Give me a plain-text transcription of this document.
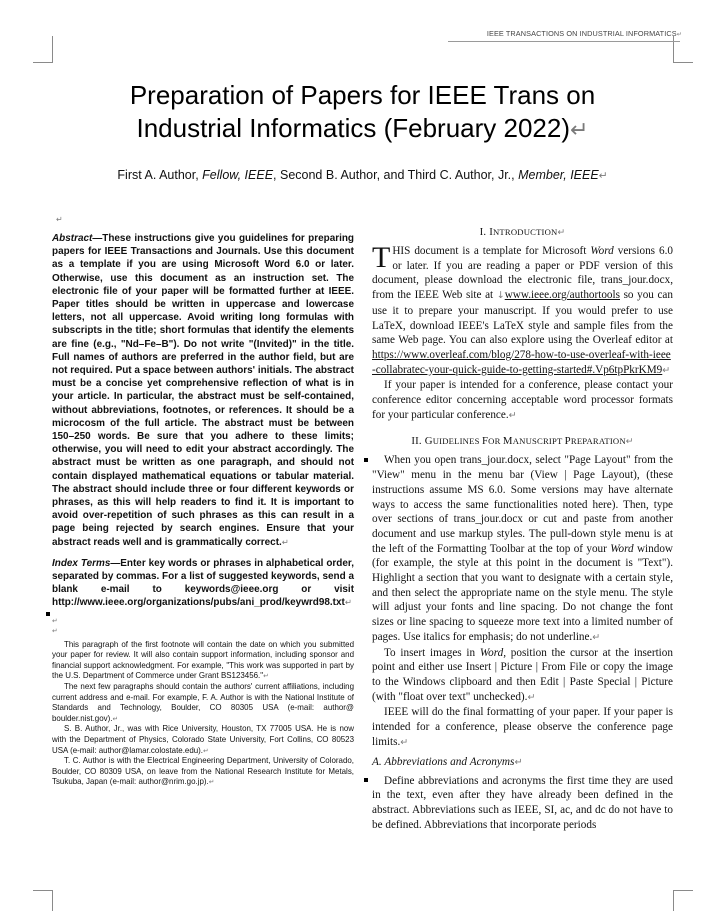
IEEE TRANSACTIONS ON INDUSTRIAL INFORMATICS↵
Preparation of Papers for IEEE Trans on
Industrial Informatics (February 2022)↵
First A. Author, Fellow, IEEE, Second B. Author, and Third C. Author, Jr., Member, IEEE↵
↵

Abstract—These instructions give you guidelines for preparing papers for IEEE Transactions and Journals. Use this document as a template if you are using Microsoft Word 6.0 or later. Otherwise, use this document as an instruction set. The electronic file of your paper will be formatted further at IEEE. Paper titles should be written in uppercase and lowercase letters, not all uppercase. Avoid writing long formulas with subscripts in the title; short formulas that identify the elements are fine (e.g., "Nd–Fe–B"). Do not write "(Invited)" in the title. Full names of authors are preferred in the author field, but are not required. Put a space between authors' initials. The abstract must be a concise yet comprehensive reflection of what is in your article. In particular, the abstract must be self-contained, without abbreviations, footnotes, or references. It should be a microcosm of the full article. The abstract must be between 150–250 words. Be sure that you adhere to these limits; otherwise, you will need to edit your abstract accordingly. The abstract must be written as one paragraph, and should not contain displayed mathematical equations or tabular material. The abstract should include three or four different keywords or phrases, as this will help readers to find it. It is important to avoid over-repetition of such phrases as this can result in a page being rejected by search engines. Ensure that your abstract reads well and is grammatically correct.↵

Index Terms—Enter key words or phrases in alphabetical order, separated by commas. For a list of suggested keywords, send a blank e-mail to keywords@ieee.org or visit http://www.ieee.org/organizations/pubs/ani_prod/keywrd98.txt↵

↵
↵

This paragraph of the first footnote will contain the date on which you submitted your paper for review. It will also contain support information, including sponsor and financial support acknowledgment. For example, "This work was supported in part by the U.S. Department of Commerce under Grant BS123456."↵

The next few paragraphs should contain the authors' current affiliations, including current address and e-mail. For example, F. A. Author is with the National Institute of Standards and Technology, Boulder, CO 80305 USA (e-mail: author@ boulder.nist.gov).↵

S. B. Author, Jr., was with Rice University, Houston, TX 77005 USA. He is now with the Department of Physics, Colorado State University, Fort Collins, CO 80523 USA (e-mail: author@lamar.colostate.edu).↵

T. C. Author is with the Electrical Engineering Department, University of Colorado, Boulder, CO 80309 USA, on leave from the National Research Institute for Metals, Tsukuba, Japan (e-mail: author@nrim.go.jp).↵

I. INTRODUCTION↵

THIS document is a template for Microsoft Word versions 6.0 or later. If you are reading a paper or PDF version of this document, please download the electronic file, trans_jour.docx, from the IEEE Web site at ↓www.ieee.org/authortools so you can use it to prepare your manuscript. If you would prefer to use LaTeX, download IEEE's LaTeX style and sample files from the same Web page. You can also explore using the Overleaf editor at https://www.overleaf.com/blog/278-how-to-use-overleaf-with-ieee-collabratec-your-quick-guide-to-getting-started#.Vp6tpPkrKM9↵

If your paper is intended for a conference, please contact your conference editor concerning acceptable word processor formats for your particular conference.↵

II. GUIDELINES FOR MANUSCRIPT PREPARATION↵

When you open trans_jour.docx, select "Page Layout" from the "View" menu in the menu bar (View | Page Layout), (these instructions assume MS 6.0. Some versions may have alternate ways to access the same functionalities noted here). Then, type over sections of trans_jour.docx or cut and paste from another document and use markup styles. The pull-down style menu is at the left of the Formatting Toolbar at the top of your Word window (for example, the style at this point in the document is "Text"). Highlight a section that you want to designate with a certain style, and then select the appropriate name on the style menu. The style will adjust your fonts and line spacing. Do not change the font sizes or line spacing to squeeze more text into a limited number of pages. Use italics for emphasis; do not underline.↵

To insert images in Word, position the cursor at the insertion point and either use Insert | Picture | From File or copy the image to the Windows clipboard and then Edit | Paste Special | Picture (with "float over text" unchecked).↵

IEEE will do the final formatting of your paper. If your paper is intended for a conference, please observe the conference page limits.↵

A. Abbreviations and Acronyms↵

Define abbreviations and acronyms the first time they are used in the text, even after they have already been defined in the abstract. Abbreviations such as IEEE, SI, ac, and dc do not have to be defined. Abbreviations that incorporate periods
